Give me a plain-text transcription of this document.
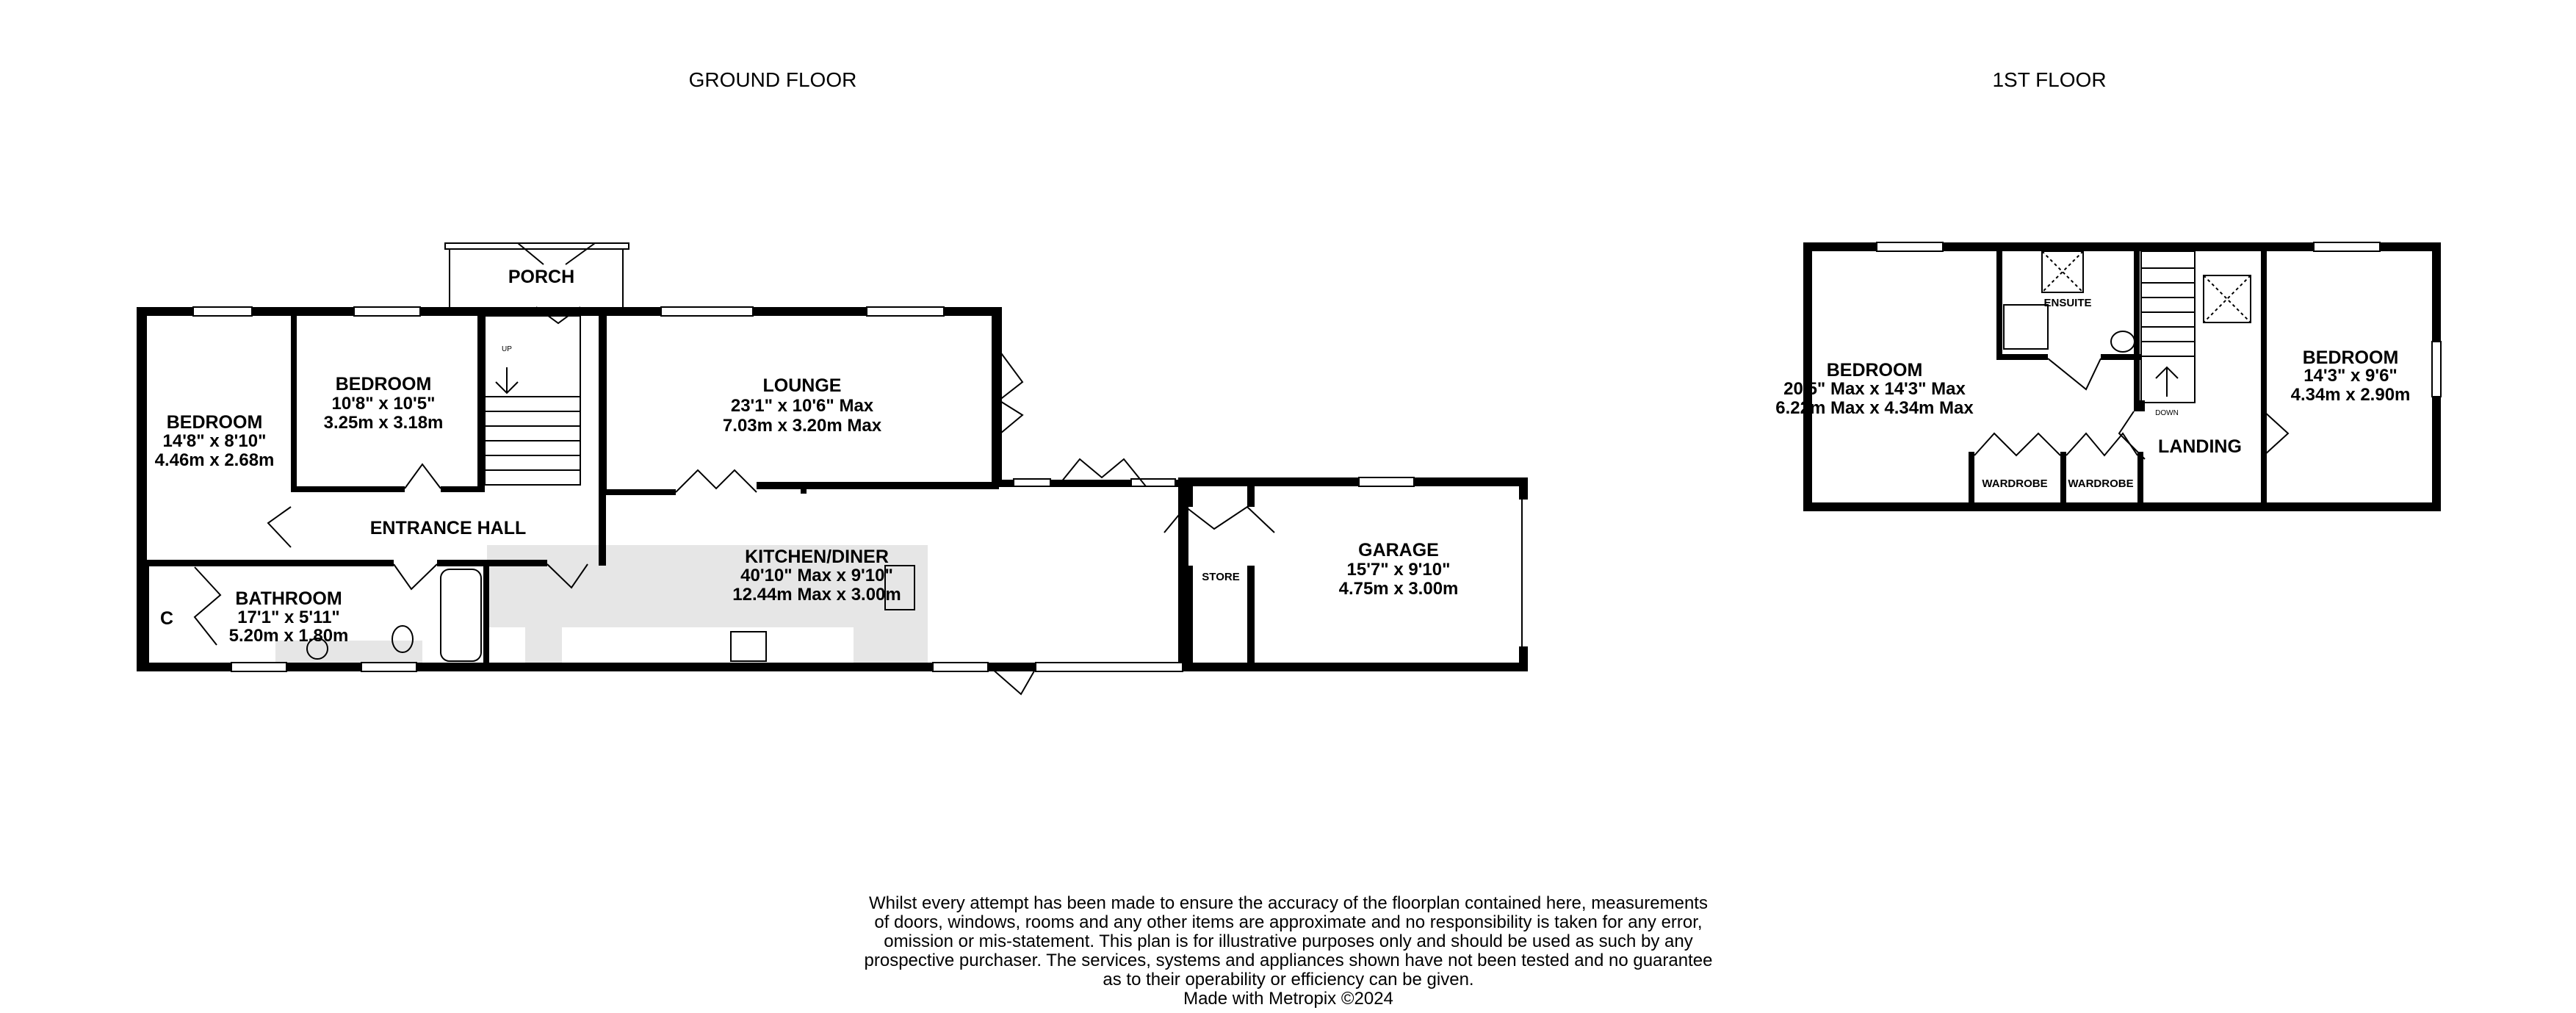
GROUND FLOOR	1ST FLOOR
UP
PORCH
BEDROOM
14'8" x 8'10"
4.46m x 2.68m
BEDROOM
10'8" x 10'5"
3.25m x 3.18m
LOUNGE
23'1" x 10'6" Max
7.03m x 3.20m Max
ENTRANCE HALL
KITCHEN/DINER
40'10" Max x 9'10"
12.44m Max x 3.00m
BATHROOM
17'1" x 5'11"
5.20m x 1.80m
C
STORE
GARAGE
15'7" x 9'10"
4.75m x 3.00m
DOWN
ENSUITE
BEDROOM
20'5" Max x 14'3" Max
6.22m Max x 4.34m Max
BEDROOM
14'3" x 9'6"
4.34m x 2.90m
LANDING
WARDROBE WARDROBE
Whilst every attempt has been made to ensure the accuracy of the floorplan contained here, measurements
of doors, windows, rooms and any other items are approximate and no responsibility is taken for any error,
omission or mis-statement. This plan is for illustrative purposes only and should be used as such by any
prospective purchaser. The services, systems and appliances shown have not been tested and no guarantee
as to their operability or efficiency can be given.
Made with Metropix ©2024
